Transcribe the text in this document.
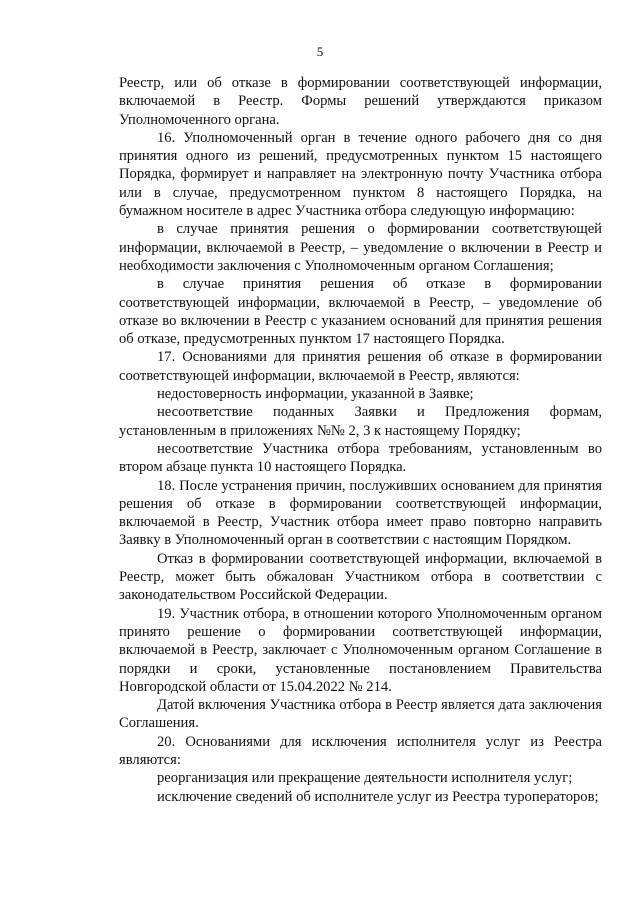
5

Реестр, или об отказе в формировании соответствующей информации, включаемой в Реестр. Формы решений утверждаются приказом Уполномоченного органа.

16. Уполномоченный орган в течение одного рабочего дня со дня принятия одного из решений, предусмотренных пунктом 15 настоящего Порядка, формирует и направляет на электронную почту Участника отбора или в случае, предусмотренном пунктом 8 настоящего Порядка, на бумажном носителе в адрес Участника отбора следующую информацию:

в случае принятия решения о формировании соответствующей информации, включаемой в Реестр, – уведомление о включении в Реестр и необходимости заключения с Уполномоченным органом Соглашения;

в случае принятия решения об отказе в формировании соответствующей информации, включаемой в Реестр, – уведомление об отказе во включении в Реестр с указанием оснований для принятия решения об отказе, предусмотренных пунктом 17 настоящего Порядка.

17. Основаниями для принятия решения об отказе в формировании соответствующей информации, включаемой в Реестр, являются:

недостоверность информации, указанной в Заявке;

несоответствие поданных Заявки и Предложения формам, установленным в приложениях №№ 2, 3 к настоящему Порядку;

несоответствие Участника отбора требованиям, установленным во втором абзаце пункта 10 настоящего Порядка.

18. После устранения причин, послуживших основанием для принятия решения об отказе в формировании соответствующей информации, включаемой в Реестр, Участник отбора имеет право повторно направить Заявку в Уполномоченный орган в соответствии с настоящим Порядком.

Отказ в формировании соответствующей информации, включаемой в Реестр, может быть обжалован Участником отбора в соответствии с законодательством Российской Федерации.

19. Участник отбора, в отношении которого Уполномоченным органом принято решение о формировании соответствующей информации, включаемой в Реестр, заключает с Уполномоченным органом Соглашение в порядки и сроки, установленные постановлением Правительства Новгородской области от 15.04.2022 № 214.

Датой включения Участника отбора в Реестр является дата заключения Соглашения.

20. Основаниями для исключения исполнителя услуг из Реестра являются:

реорганизация или прекращение деятельности исполнителя услуг;

исключение сведений об исполнителе услуг из Реестра туроператоров;
